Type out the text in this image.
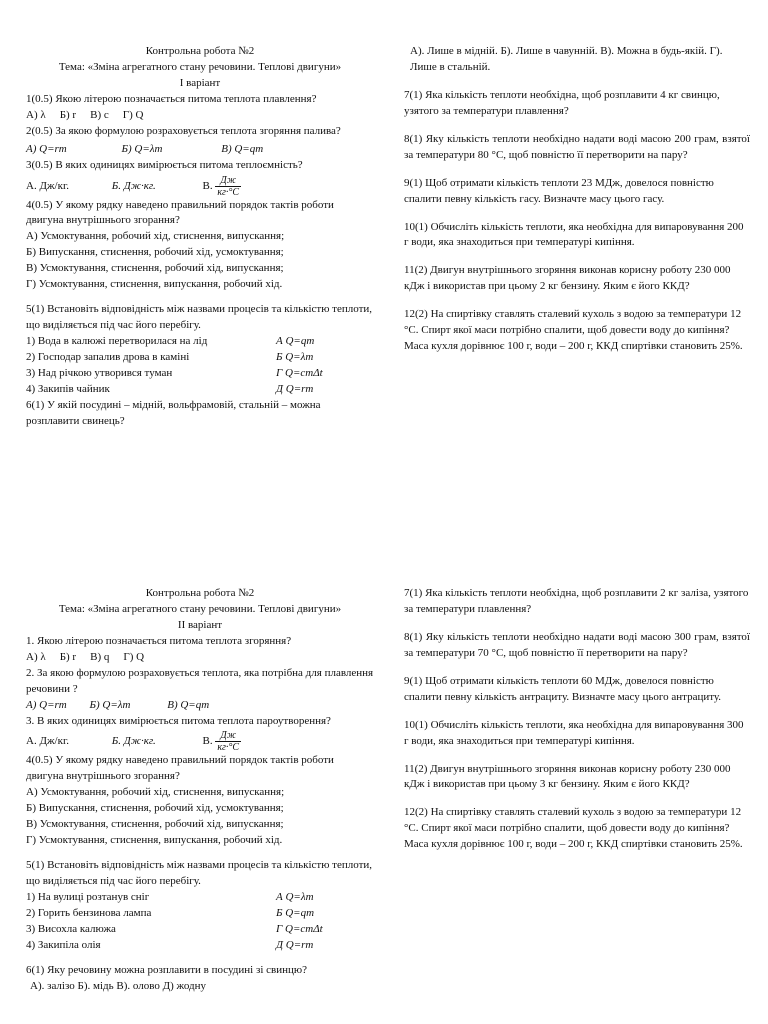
Контрольна робота №2
Тема: «Зміна агрегатного стану речовини. Теплові двигуни»
І варіант
1(0.5) Якою літерою позначається питома теплота плавлення?
А) λ Б) r В) c Г) Q
2(0.5) За якою формулою розраховується теплота згоряння палива?
А) Q=rm	Б) Q=λm	В) Q=qm
3(0.5) В яких одиницях вимірюється питома теплоємність?
А. Дж/кг.	Б. Дж·кг.	В. $\frac{Дж}{кг\cdot^\circ С}$
4(0.5) У якому рядку наведено правильний порядок тактів роботи двигуна внутрішнього згорання?
А) Усмоктування, робочий хід, стиснення, випускання;
Б) Випускання, стиснення, робочий хід, усмоктування;
В) Усмоктування, стиснення, робочий хід, випускання;
Г) Усмоктування, стиснення, випускання, робочий хід.
5(1) Встановіть відповідність між назвами процесів та кількістю теплоти, що виділяється під час його перебігу.
1) Вода в калюжі перетворилася на лід	А Q=qm
2) Господар запалив дрова в каміні	Б Q=λm
3) Над річкою утворився туман	Г Q=cmΔt
4) Закипів чайник	Д Q=rm
6(1) У якій посудині – мідній, вольфрамовій, стальній – можна розплавити свинець?
А). Лише в мідній. Б). Лише в чавунній. В). Можна в будь-якій. Г). Лише в стальній.
7(1) Яка кількість теплоти необхідна, щоб розплавити 4 кг свинцю, узятого за температури плавлення?
8(1) Яку кількість теплоти необхідно надати воді масою 200 грам, взятої за температури 80 °С, щоб повністю її перетворити на пару?
9(1) Щоб отримати кількість теплоти 23 МДж, довелося повністю спалити певну кількість гасу. Визначте масу цього гасу.
10(1) Обчисліть кількість теплоти, яка необхідна для випаровування 200 г води, яка знаходиться при температурі кипіння.
11(2) Двигун внутрішнього згоряння виконав корисну роботу 230 000 кДж і використав при цьому 2 кг бензину. Яким є його ККД?
12(2) На спиртівку ставлять сталевий кухоль з водою за температури 12 °С. Спирт якої маси потрібно спалити, щоб довести воду до кипіння? Маса кухля дорівнює 100 г, води – 200 г, ККД спиртівки становить 25%.
Контрольна робота №2
Тема: «Зміна агрегатного стану речовини. Теплові двигуни»
ІІ варіант
1. Якою літерою позначається питома теплота згоряння?
А) λ Б) r В) q Г) Q
2. За якою формулою розраховується теплота, яка потрібна для плавлення речовини ?
А) Q=rm Б) Q=λm	В) Q=qm
3. В яких одиницях вимірюється питома теплота пароутворення?
А. Дж/кг.	Б. Дж·кг.	В. $\frac{Дж}{кг\cdot^\circ С}$
4(0.5) У якому рядку наведено правильний порядок тактів роботи двигуна внутрішнього згорання?
А) Усмоктування, робочий хід, стиснення, випускання;
Б) Випускання, стиснення, робочий хід, усмоктування;
В) Усмоктування, стиснення, робочий хід, випускання;
Г) Усмоктування, стиснення, випускання, робочий хід.
5(1) Встановіть відповідність між назвами процесів та кількістю теплоти, що виділяється під час його перебігу.
1) На вулиці розтанув сніг	А Q=λm
2) Горить бензинова лампа	Б Q=qm
3) Висохла калюжа	Г Q=cmΔt
4) Закипіла олія	Д Q=rm
6(1) Яку речовину можна розплавити в посудині зі свинцю?
А). залізо Б). мідь В). олово Д) жодну
7(1) Яка кількість теплоти необхідна, щоб розплавити 2 кг заліза, узятого за температури плавлення?
8(1) Яку кількість теплоти необхідно надати воді масою 300 грам, взятої за температури 70 °С, щоб повністю її перетворити на пару?
9(1) Щоб отримати кількість теплоти 60 МДж, довелося повністю спалити певну кількість антрациту. Визначте масу цього антрациту.
10(1) Обчисліть кількість теплоти, яка необхідна для випаровування 300 г води, яка знаходиться при температурі кипіння.
11(2) Двигун внутрішнього згоряння виконав корисну роботу 230 000 кДж і використав при цьому 3 кг бензину. Яким є його ККД?
12(2) На спиртівку ставлять сталевий кухоль з водою за температури 12 °С. Спирт якої маси потрібно спалити, щоб довести воду до кипіння? Маса кухля дорівнює 100 г, води – 200 г, ККД спиртівки становить 25%.
